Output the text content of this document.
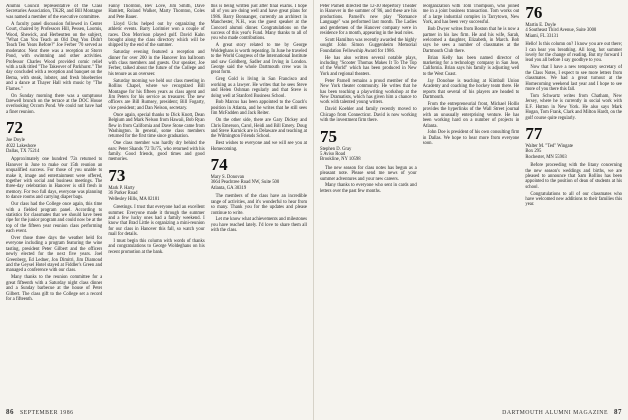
Alumni Council representative of the Class Secretaries Association, TK2R, and Bill Montague was named a member of the executive committee.

A faculty panel discussion followed in Center Court, chaired by Professors Hill, Pessen, Loomis, Wood, Shewick, and Herbeutten on the subject, "What Can You Teach an Old Dog You Didn't Teach Ten Years Before?" Joe Ferber '70 served as moderator. Next there was a reception at Storrs Pond, with swimming and other activities. Professor Charles Wood provided comic relief with a talk titled "The Takeover of Parkhurst." The day concluded with a reception and banquet on the Bema, with steak, lobster, and fresh blueberries and a dance at Thayer Hall with music by "The Flames."

On Sunday morning there was a sumptuous farewell brunch on the terrace at the DOC House overlooking Occom Pond. We could not have had a finer reunion.

72
Joe Doyle
4022 Lakeshore
Dallas, TX 75214

Approximately one hundred '72s returned to Hanover in June to make our 15th reunion an unqualified success. For those of you unable to make it, image and entertainment were offered, together with social and business meetings. The three-day celebration in Hanover is still fresh in memory. For two full days, everyone was planning to dance rooms and carrying diaper bags.

Our class had the College once again, this time with a fielded program panel. According to statistics for classmates that we should have been ripe for the junior program and could now be at the top of the fifteen year reunion class performing each event.

Over those three days the weather held for everyone including a program featuring the wine tasting, president Peter Gilbert and the officers newly elected for the next five years. Joel Greenberg, Ed Ledner, Jon Dimitri, Jim Diamond and the Geysel Hotel stayed at Fiddler's Green and managed a conference with our class.

Many thanks to the reunion committee for a great fifteenth with a Saturday night class dinner and a Sunday barbecue at the house of Peter Gilbert. The class gift to the College set a record for a fifteenth.

Fanny Thornton, Bev Love, Jim Smith, Dave Hamlett, Roland Walker, Marty Thornton, Coles and Pete Bauer.

Lloyd Uchs helped out by organizing the athletic events. Barry Lorimier won a couple of races. Don Morrison played golf. David Kahn brought along the class directory which will be shipped by the end of the summer.

Saturday evening featured a reception and dinner for over 200 in the Hanover Inn ballroom with class members and guests. Our speaker, Joe Ferber, talked about the future of the College and his tenure as an overseer.

Saturday morning we held our class meeting in Rollins Chapel, where we recognized Bill Montague for his fifteen years as class agent and Jim Peters for his service as treasurer. The new officers are Bill Rumsey, president; Bill Fogarty, vice president; and Dan Nelson, secretary.

Once again, special thanks to Dick Knott, Dean Belgium and Mark Nelson from Hawaii, Bob Ryan flew in from California and Dave Stone came from Washington. In general, some class members returned for the first time since graduation.

One class member was hardly dry behind the ears: Peter Shands '72 Tu'75, who returned with his family. Good friends, good times and good memories.

73
Mark P. Harty
36 Parker Road
Wellesley Hills, MA 02181

Greetings. I trust that everyone had an excellent summer. Everyone made it through the summer and a few lucky ones had a family weekend. I know that Brad Little is organizing a mini-reunion for our class in Hanover this fall, so watch your mail for details.

I must begin this column with words of thanks and congratulations to George Woldeghans on his recent promotion at the bank.

this is being written just after final exams. I hope all of you are doing well and have great plans for 1986. Barry Bonnanger, currently an architect in Manchester, N.H., was the guest speaker at the Concord alumni dinner. Congratulations on the success of this year's Fund. Many thanks to all of you who made contributions.

A great story related to me by George Woldeghans is worth repeating. In June he traveled to the World Congress of the International Institute and saw Goldberg, Sadler and Irving in London. George said the whole Dartmouth crew was in great form.

Greg Gold is living in San Francisco and working as a lawyer. He writes that he sees Steve and Helen Oshman regularly and that Steve is doing well at Stanford Business School.

Bob Marcus has been appointed to the Coach's position in Atlanta, and he writes that he still sees Jim McFadden and Jack Reiter.

On the other side, there are Gary Dickey and Chris Emerson, Carol, Heidi and Bill Emery. Doug and Steve Kurnick are in Delaware and teaching at the Wilmington Friends School.

Best wishes to everyone and we will see you at Homecoming.

74
Mary S. Donovan
3664 Peachtree Road NW, Suite 500
Atlanta, GA 30319

The members of the class have an incredible range of activities, and it's wonderful to hear from so many. Thank you for the updates and please continue to write.

Let me know what achievements and milestones you have reached lately. I'd love to share them all with the class.

86 SEPTEMBER 1986

Peter Parnell directed the 12-30 Repertory Theater in Hanover in the summer of '86, and these are his productions. Parnell's new play "Romance Language" was performed last month. The Ladies and gentlemen of the Hanover company were in residence for a month, appearing in the lead roles.

Scott Hamilton was recently awarded the highly sought John Simon Guggenheim Memorial Foundation Fellowship Award for 1986.

He has also written several notable plays, including "Scooter Thomas Makes It To The Top of the World" which has been produced in New York and regional theaters.

Peter Parnell remains a proud member of the New York theater community. He writes that he has been teaching a playwriting workshop at the New Dramatists, which has given him a chance to work with talented young writers.

David Koehler and family recently moved to Chicago from Connecticut. David is now working with the investment firm there.

75
Stephen D. Gray
5 Aviso Road
Brookline, NY 10598

The new season for class notes has begun as a pleasant note. Please send me news of your summer adventures and your new careers.

Many thanks to everyone who sent in cards and letters over the past few months.

reorganization with Tom Thompson, who joined me in a joint business transaction. Tom works out of a large industrial complex in Tarrytown, New York, and has been very successful.

Bob Dwyer writes from Boston that he is now a partner in his law firm. He and his wife, Sarah, welcomed a daughter, Elizabeth, in March. Bob says he sees a number of classmates at the Dartmouth Club there.

Brian Kelly has been named director of marketing for a technology company in San Jose, California. Brian says his family is adjusting well to the West Coast.

Jay Donohue is teaching at Kimball Union Academy and coaching the hockey team there. He reports that several of his players are headed to Dartmouth.

From the entrepreneurial front, Michael Hollis provides the hyperlinks of the Wall Street journal with an unusually enterprising venture. He has been working hard on a number of projects in Atlanta.

John Doe is president of his own consulting firm in Dallas. We hope to hear more from everyone soon.

76
Martin E. Doyle
4 Southeast Third Avenue, Suite 3000
Miami, FL 33131

Hello! Is this column on? I know you are out there; I can hear you breathing. All long, hot summer lovely for the change of reading. But my forward I lead you all before I say goodbye to you.

Now that I have a new temporary secretary of the Class Notes, I expect to see more letters from classmates. We had a great turnout at the Homecoming weekend last year and I hope to see more of you there this fall.

Tom Schwartz writes from Chatham, New Jersey, where he is currently in social work with E.F. Hutton in New York. He also says Mark Hogan, Tom Frank, Clark and Milton Hardt, on the golf course quite regularly.

77
Walter M. "Ted" Wingate
Box 295
Rochester, MN 55903

Before proceeding with the litany concerning the new season's weddings and births, we are pleased to announce that Sam Rollins has been appointed to the position of dean of students at his school.

Congratulations to all of our classmates who have welcomed new additions to their families this year.

DARTMOUTH ALUMNI MAGAZINE 87
